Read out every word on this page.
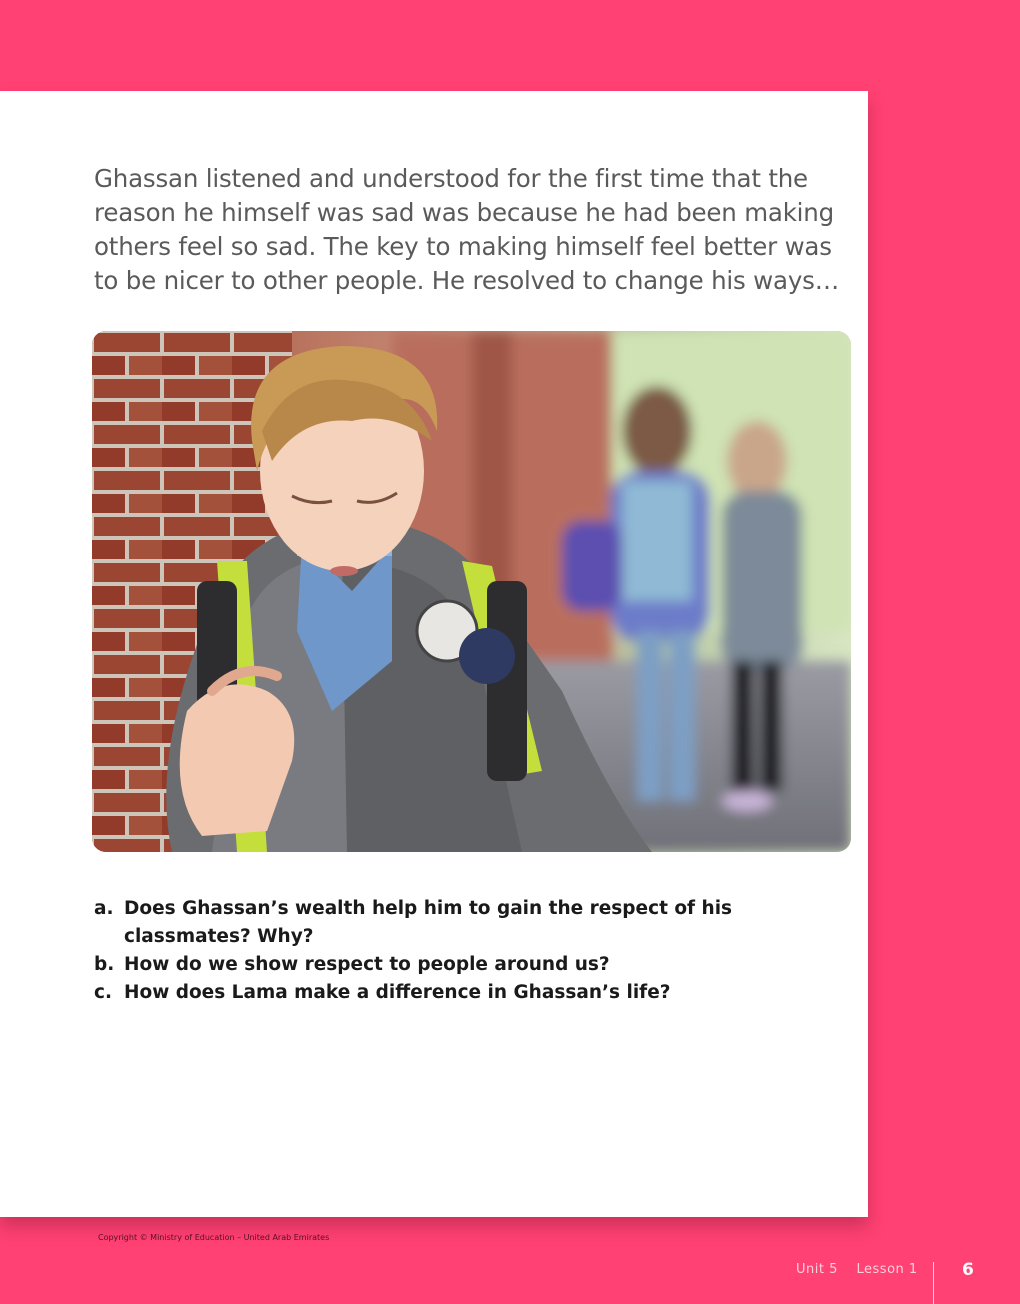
Ghassan listened and understood for the first time that the reason he himself was sad was because he had been making others feel so sad. The key to making himself feel better was to be nicer to other people. He resolved to change his ways…

a. Does Ghassan’s wealth help him to gain the respect of his classmates? Why?
b. How do we show respect to people around us?
c. How does Lama make a difference in Ghassan’s life?
Copyright © Ministry of Education – United Arab Emirates
Unit 5 Lesson 1	6
